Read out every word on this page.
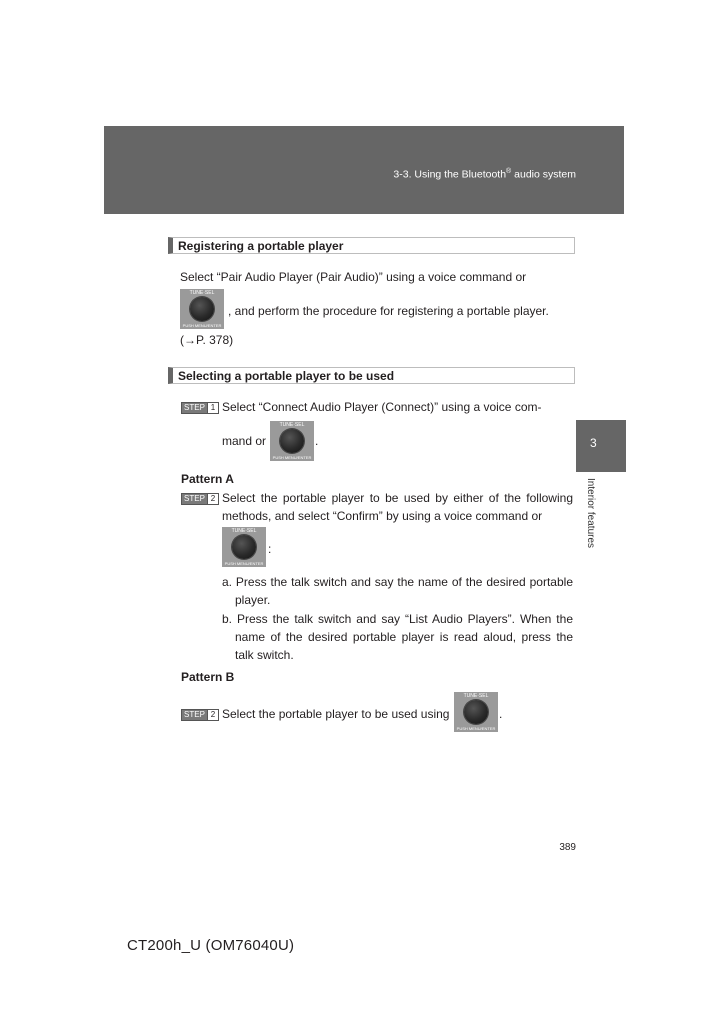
3-3. Using the Bluetooth® audio system
3
Interior features
Registering a portable player
Select “Pair Audio Player (Pair Audio)” using a voice command or
TUNE·SEL
PUSH MENU/ENTER
, and perform the procedure for registering a portable player.
(→P. 378)
Selecting a portable player to be used
STEP 1 Select “Connect Audio Player (Connect)” using a voice com-
mand or
TUNE·SEL
PUSH MENU/ENTER
.
Pattern A
STEP 2 Select the portable player to be used by either of the following methods, and select “Confirm” by using a voice command or
TUNE·SEL
PUSH MENU/ENTER
:
a. Press the talk switch and say the name of the desired portable player.
b. Press the talk switch and say “List Audio Players”. When the name of the desired portable player is read aloud, press the talk switch.
Pattern B
STEP 2 Select the portable player to be used using
TUNE·SEL
PUSH MENU/ENTER
.
389
CT200h_U (OM76040U)
